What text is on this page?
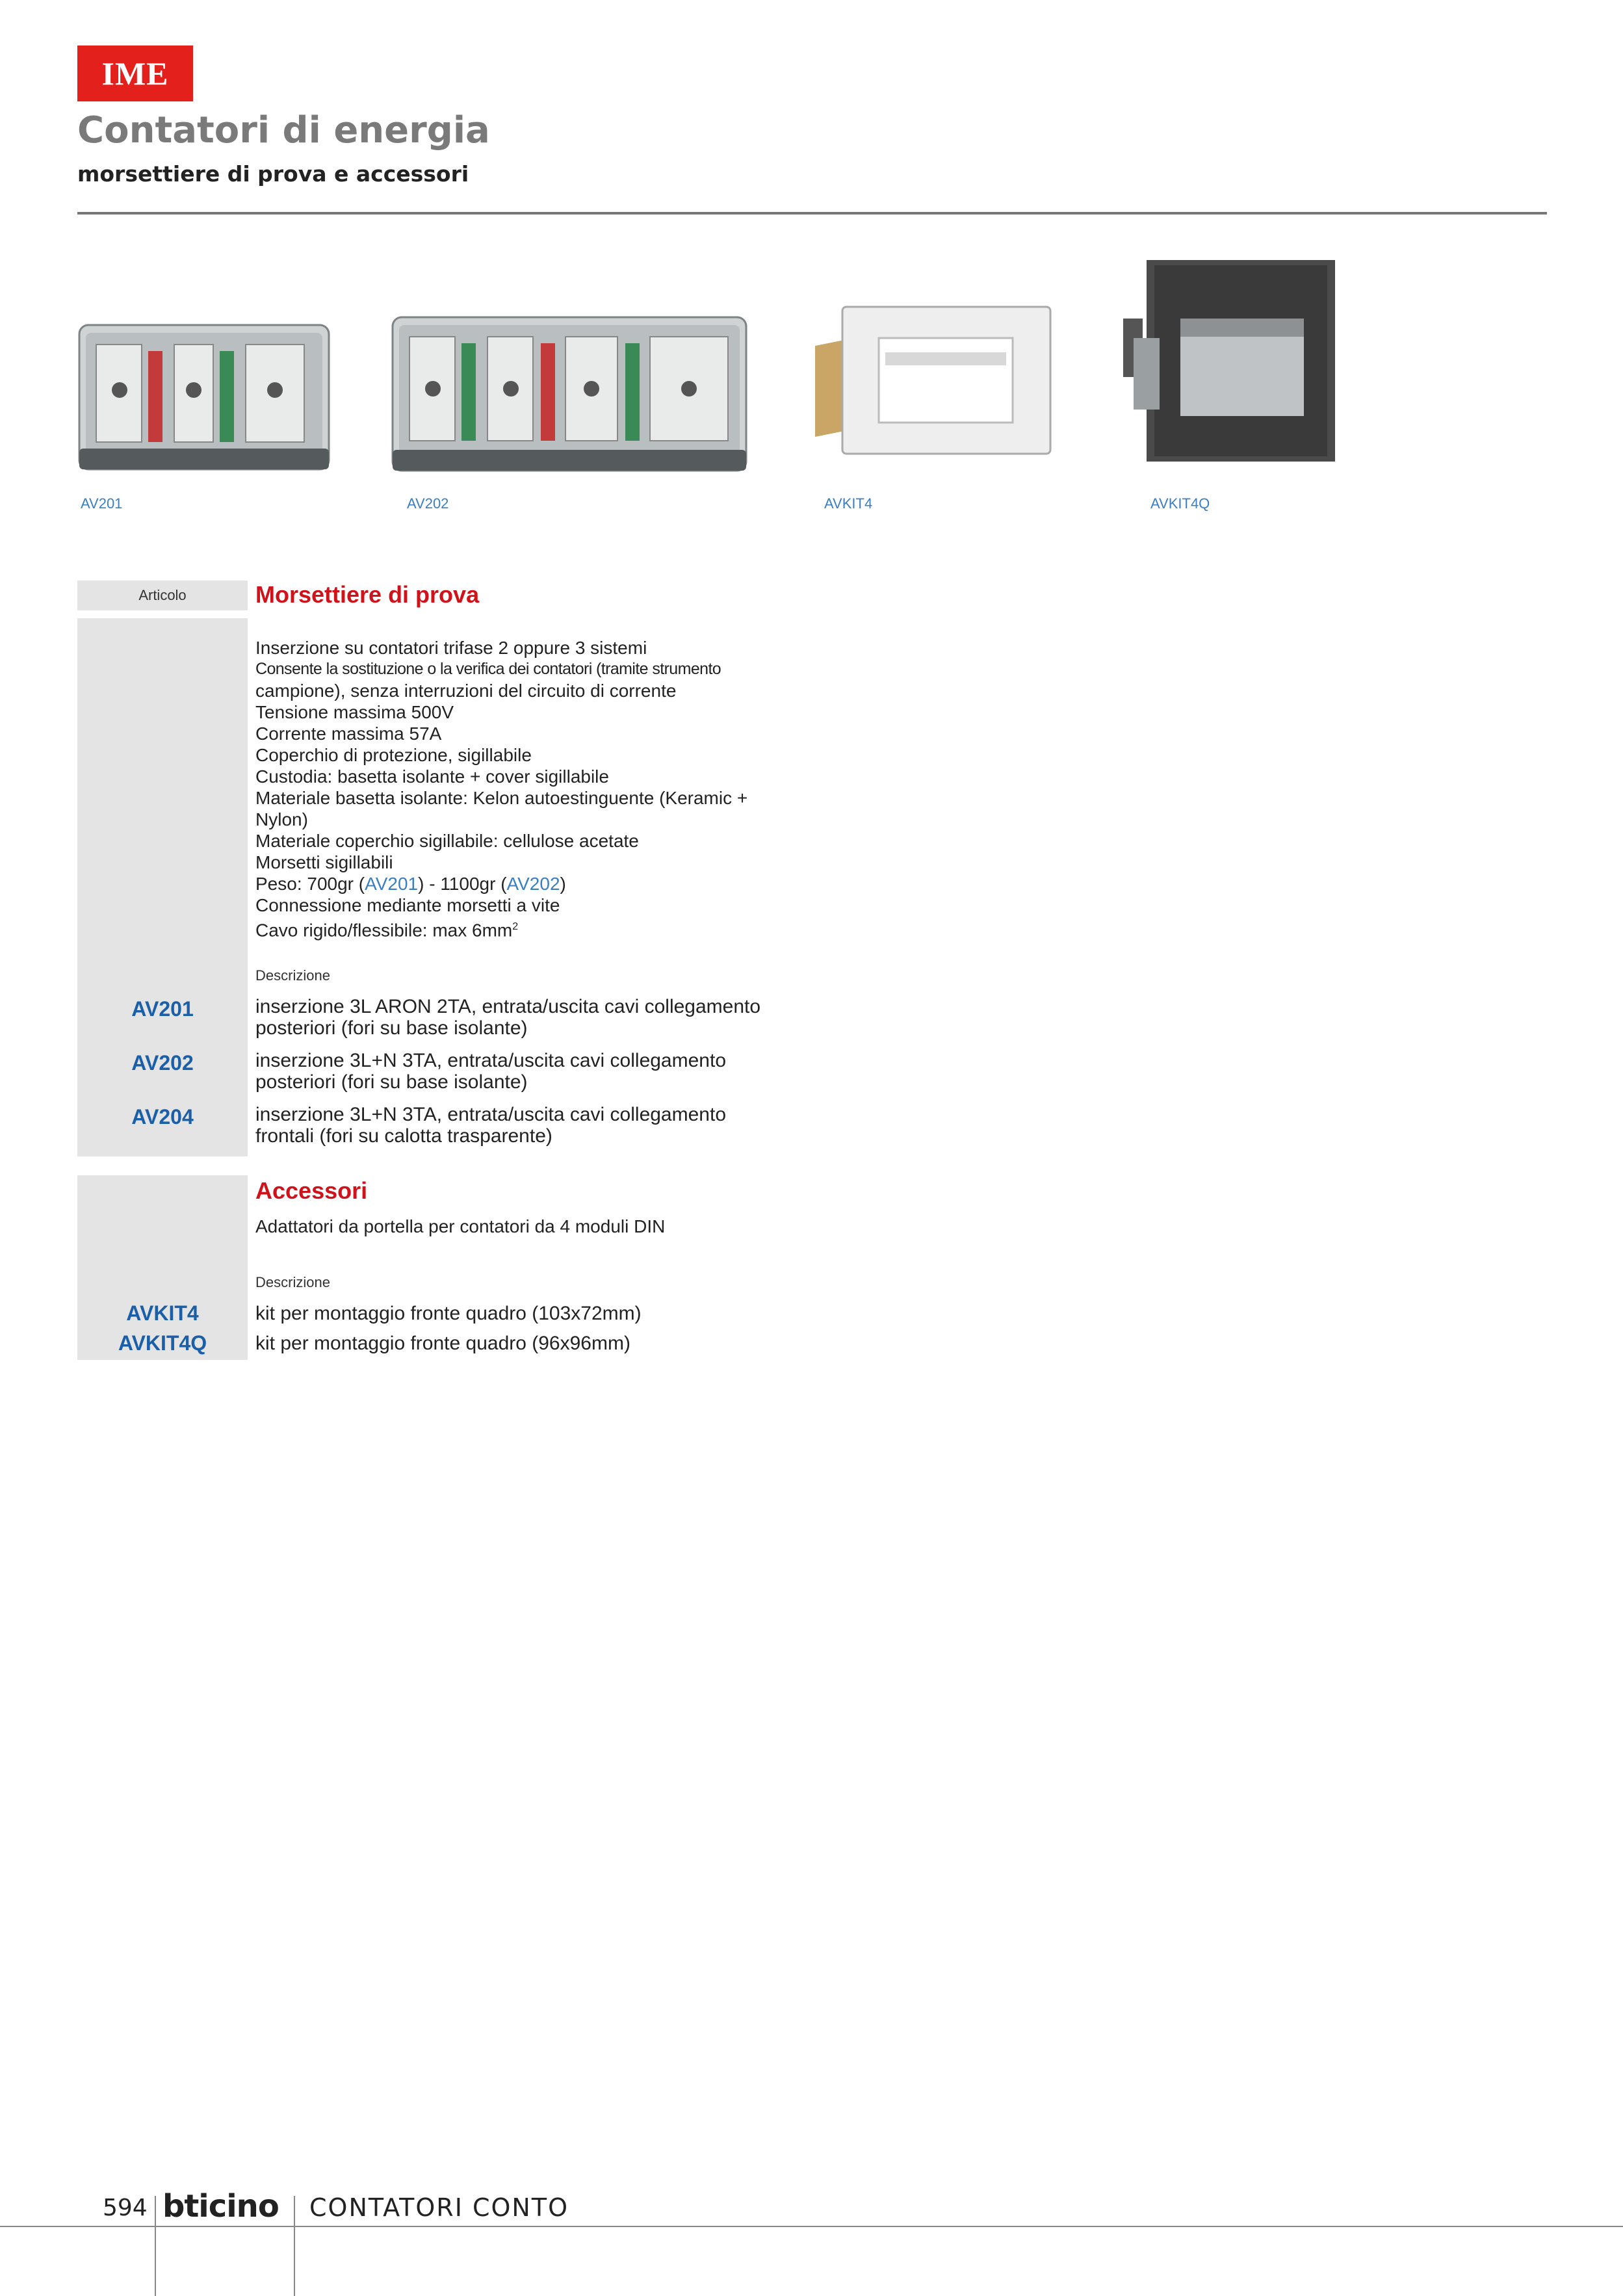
IME
Contatori di energia
morsettiere di prova e accessori
AV201	AV202	AVKIT4	AVKIT4Q
Articolo	Morsettiere di prova
Inserzione su contatori trifase 2 oppure 3 sistemi
Consente la sostituzione o la verifica dei contatori (tramite strumento
campione), senza interruzioni del circuito di corrente
Tensione massima 500V
Corrente massima 57A
Coperchio di protezione, sigillabile
Custodia: basetta isolante + cover sigillabile
Materiale basetta isolante: Kelon autoestinguente (Keramic +
Nylon)
Materiale coperchio sigillabile: cellulose acetate
Morsetti sigillabili
Peso: 700gr (AV201) - 1100gr (AV202)
Connessione mediante morsetti a vite
Cavo rigido/flessibile: $\max 6mm^2$
Descrizione
AV201	inserzione 3L ARON 2TA, entrata/uscita cavi collegamento
posteriori (fori su base isolante)
AV202	inserzione 3L+N 3TA, entrata/uscita cavi collegamento
posteriori (fori su base isolante)
AV204	inserzione 3L+N 3TA, entrata/uscita cavi collegamento
frontali (fori su calotta trasparente)
Accessori
Adattatori da portella per contatori da 4 moduli DIN
Descrizione
AVKIT4	kit per montaggio fronte quadro (103x72mm)
AVKIT4Q	kit per montaggio fronte quadro (96x96mm)
594 bticino CONTATORI CONTO
